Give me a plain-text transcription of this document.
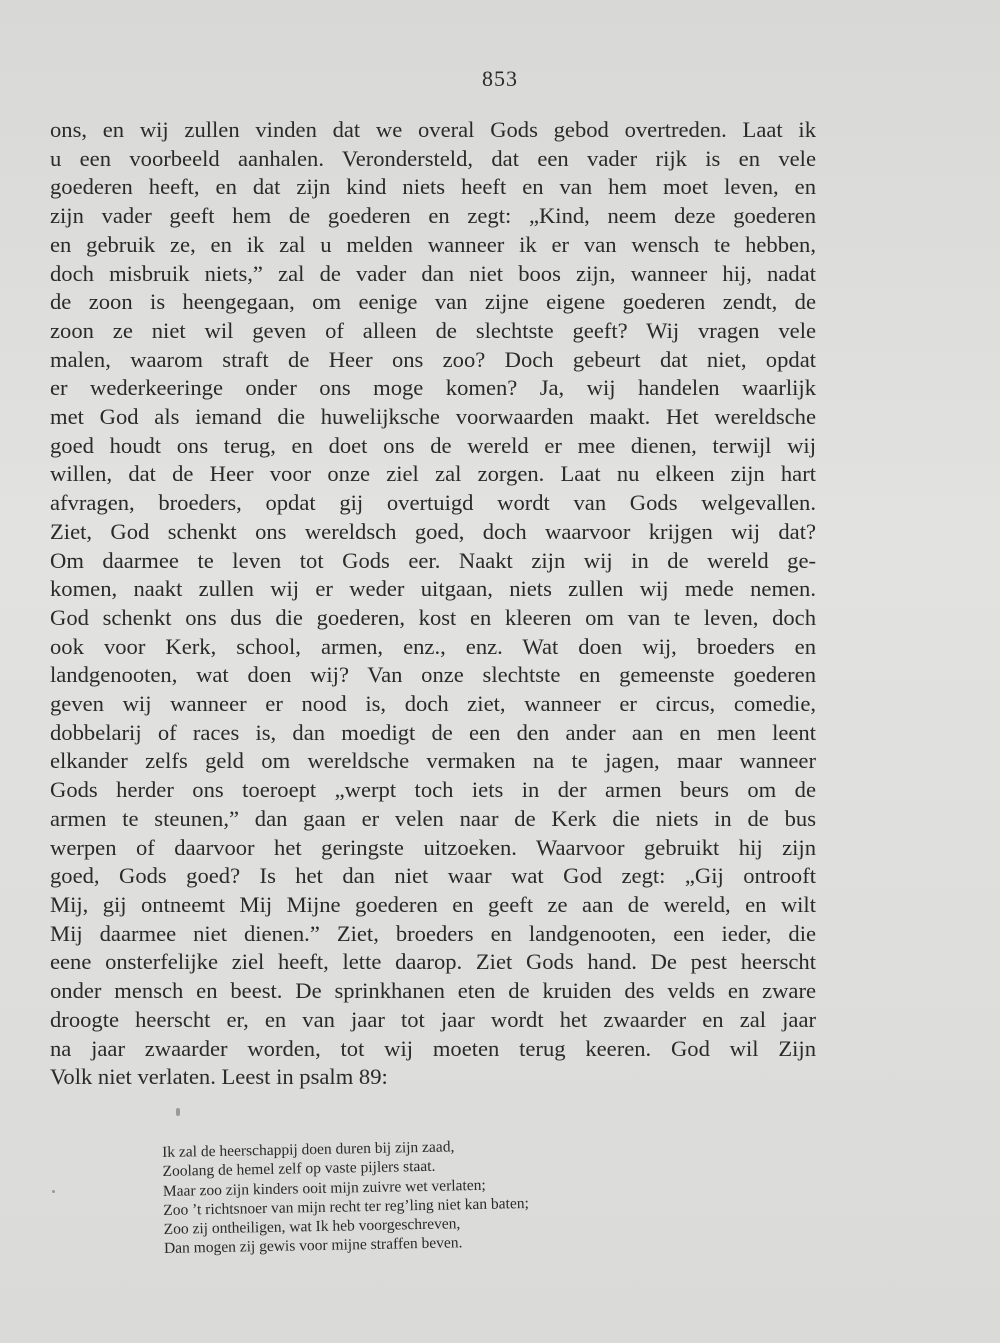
853
ons, en wij zullen vinden dat we overal Gods gebod overtreden. Laat ik
u een voorbeeld aanhalen. Verondersteld, dat een vader rijk is en vele
goederen heeft, en dat zijn kind niets heeft en van hem moet leven, en
zijn vader geeft hem de goederen en zegt: „Kind, neem deze goederen
en gebruik ze, en ik zal u melden wanneer ik er van wensch te hebben,
doch misbruik niets,” zal de vader dan niet boos zijn, wanneer hij, nadat
de zoon is heengegaan, om eenige van zijne eigene goederen zendt, de
zoon ze niet wil geven of alleen de slechtste geeft? Wij vragen vele
malen, waarom straft de Heer ons zoo? Doch gebeurt dat niet, opdat
er wederkeeringe onder ons moge komen? Ja, wij handelen waarlijk
met God als iemand die huwelijksche voorwaarden maakt. Het wereldsche
goed houdt ons terug, en doet ons de wereld er mee dienen, terwijl wij
willen, dat de Heer voor onze ziel zal zorgen. Laat nu elkeen zijn hart
afvragen, broeders, opdat gij overtuigd wordt van Gods welgevallen.
Ziet, God schenkt ons wereldsch goed, doch waarvoor krijgen wij dat?
Om daarmee te leven tot Gods eer. Naakt zijn wij in de wereld ge-
komen, naakt zullen wij er weder uitgaan, niets zullen wij mede nemen.
God schenkt ons dus die goederen, kost en kleeren om van te leven, doch
ook voor Kerk, school, armen, enz., enz. Wat doen wij, broeders en
landgenooten, wat doen wij? Van onze slechtste en gemeenste goederen
geven wij wanneer er nood is, doch ziet, wanneer er circus, comedie,
dobbelarij of races is, dan moedigt de een den ander aan en men leent
elkander zelfs geld om wereldsche vermaken na te jagen, maar wanneer
Gods herder ons toeroept „werpt toch iets in der armen beurs om de
armen te steunen,” dan gaan er velen naar de Kerk die niets in de bus
werpen of daarvoor het geringste uitzoeken. Waarvoor gebruikt hij zijn
goed, Gods goed? Is het dan niet waar wat God zegt: „Gij ontrooft
Mij, gij ontneemt Mij Mijne goederen en geeft ze aan de wereld, en wilt
Mij daarmee niet dienen.” Ziet, broeders en landgenooten, een ieder, die
eene onsterfelijke ziel heeft, lette daarop. Ziet Gods hand. De pest heerscht
onder mensch en beest. De sprinkhanen eten de kruiden des velds en zware
droogte heerscht er, en van jaar tot jaar wordt het zwaarder en zal jaar
na jaar zwaarder worden, tot wij moeten terug keeren. God wil Zijn
Volk niet verlaten. Leest in psalm 89:
Ik zal de heerschappij doen duren bij zijn zaad,
Zoolang de hemel zelf op vaste pijlers staat.
Maar zoo zijn kinders ooit mijn zuivre wet verlaten;
Zoo ’t richtsnoer van mijn recht ter reg’ling niet kan baten;
Zoo zij ontheiligen, wat Ik heb voorgeschreven,
Dan mogen zij gewis voor mijne straffen beven.
